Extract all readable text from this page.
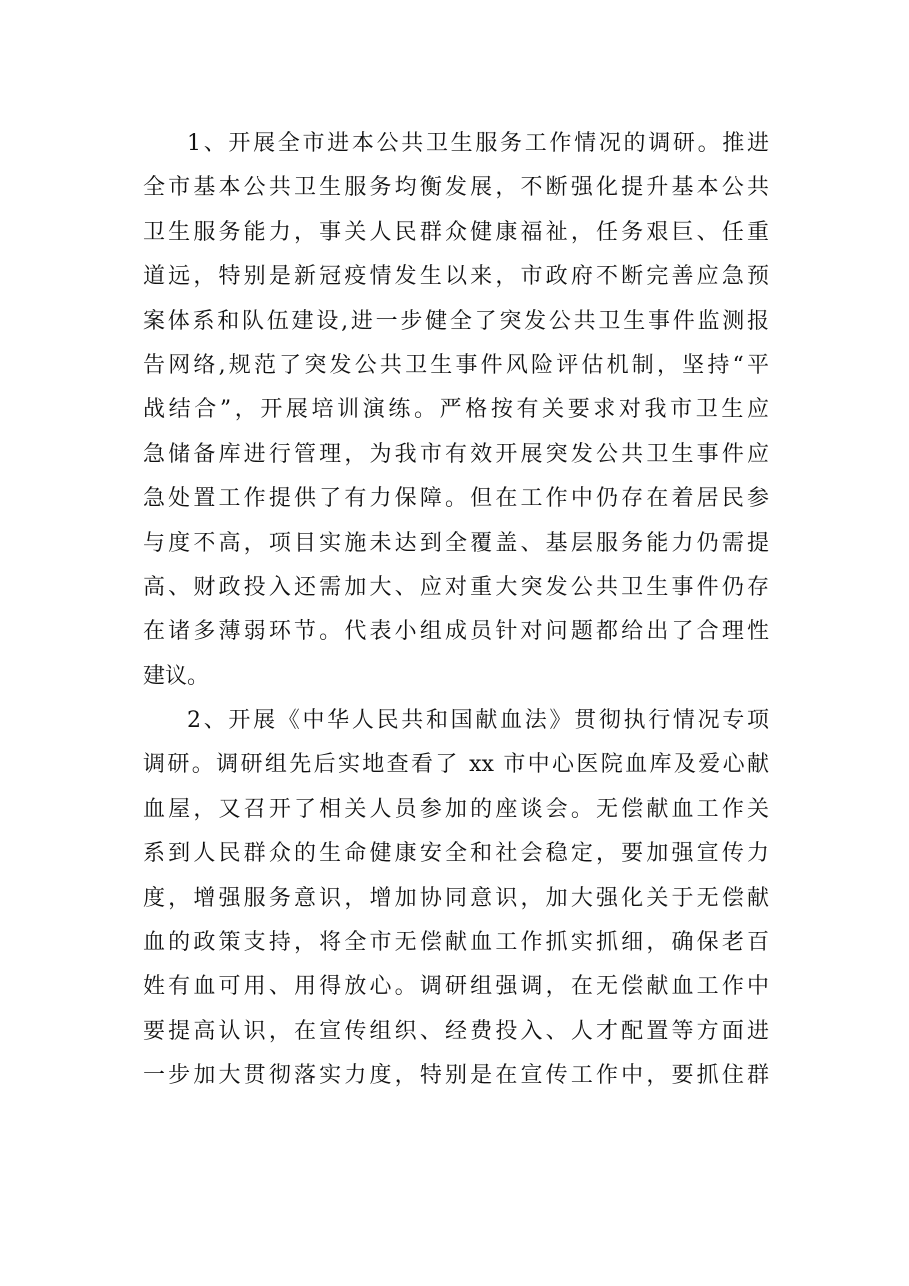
1、开展全市进本公共卫生服务工作情况的调研。推进
全市基本公共卫生服务均衡发展，不断强化提升基本公共
卫生服务能力，事关人民群众健康福祉，任务艰巨、任重
道远，特别是新冠疫情发生以来，市政府不断完善应急预
案体系和队伍建设,进一步健全了突发公共卫生事件监测报
告网络,规范了突发公共卫生事件风险评估机制，坚持“平
战结合”，开展培训演练。严格按有关要求对我市卫生应
急储备库进行管理，为我市有效开展突发公共卫生事件应
急处置工作提供了有力保障。但在工作中仍存在着居民参
与度不高，项目实施未达到全覆盖、基层服务能力仍需提
高、财政投入还需加大、应对重大突发公共卫生事件仍存
在诸多薄弱环节。代表小组成员针对问题都给出了合理性
建议。
2、开展《中华人民共和国献血法》贯彻执行情况专项
调研。调研组先后实地查看了 xx 市中心医院血库及爱心献
血屋，又召开了相关人员参加的座谈会。无偿献血工作关
系到人民群众的生命健康安全和社会稳定，要加强宣传力
度，增强服务意识，增加协同意识，加大强化关于无偿献
血的政策支持，将全市无偿献血工作抓实抓细，确保老百
姓有血可用、用得放心。调研组强调，在无偿献血工作中
要提高认识，在宣传组织、经费投入、人才配置等方面进
一步加大贯彻落实力度，特别是在宣传工作中，要抓住群
